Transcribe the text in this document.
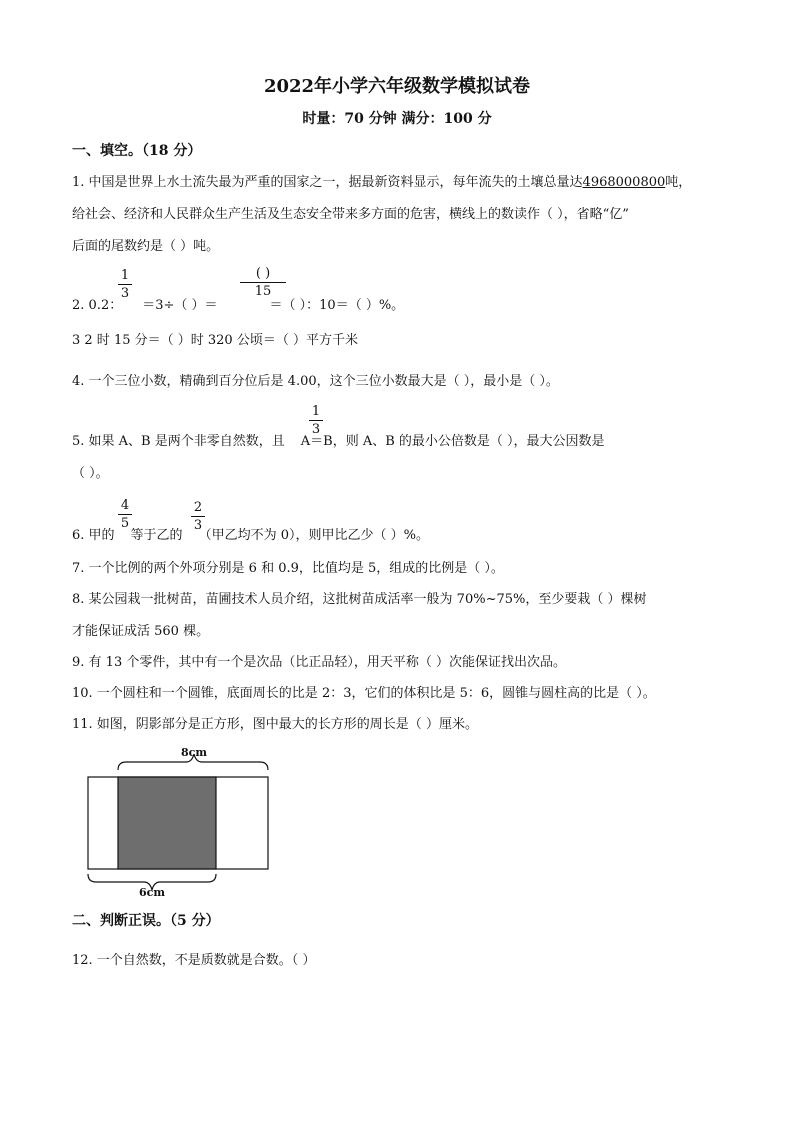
2022年小学六年级数学模拟试卷
时量：70 分钟 满分：100 分
一、填空。（18 分）
1. 中国是世界上水土流失最为严重的国家之一，据最新资料显示，每年流失的土壤总量达4968000800吨，
给社会、经济和人民群众生产生活及生态安全带来多方面的危害，横线上的数读作（ ），省略“亿”
后面的尾数约是（ ）吨。
2. 0.2： ＝3÷（ ）＝	＝（ ）：10＝（ ）%。
1
3
( )
15
3 2 时 15 分＝（ ）时 320 公顷＝（ ）平方千米
4. 一个三位小数，精确到百分位后是 4.00，这个三位小数最大是（ ），最小是（ ）。
5. 如果 A、B 是两个非零自然数，且 A＝B，则 A、B 的最小公倍数是（ ），最大公因数是
1
3
（ ）。
6. 甲的 等于乙的 （甲乙均不为 0），则甲比乙少（ ）%。
4
5
2
3
7. 一个比例的两个外项分别是 6 和 0.9，比值均是 5，组成的比例是（ ）。
8. 某公园栽一批树苗，苗圃技术人员介绍，这批树苗成活率一般为 70%~75%，至少要栽（ ）棵树
才能保证成活 560 棵。
9. 有 13 个零件，其中有一个是次品（比正品轻），用天平称（ ）次能保证找出次品。
10. 一个圆柱和一个圆锥，底面周长的比是 2：3，它们的体积比是 5：6，圆锥与圆柱高的比是（ ）。
11. 如图，阴影部分是正方形，图中最大的长方形的周长是（ ）厘米。
8cm
6cm
二、判断正误。（5 分）
12. 一个自然数，不是质数就是合数。（ ）
